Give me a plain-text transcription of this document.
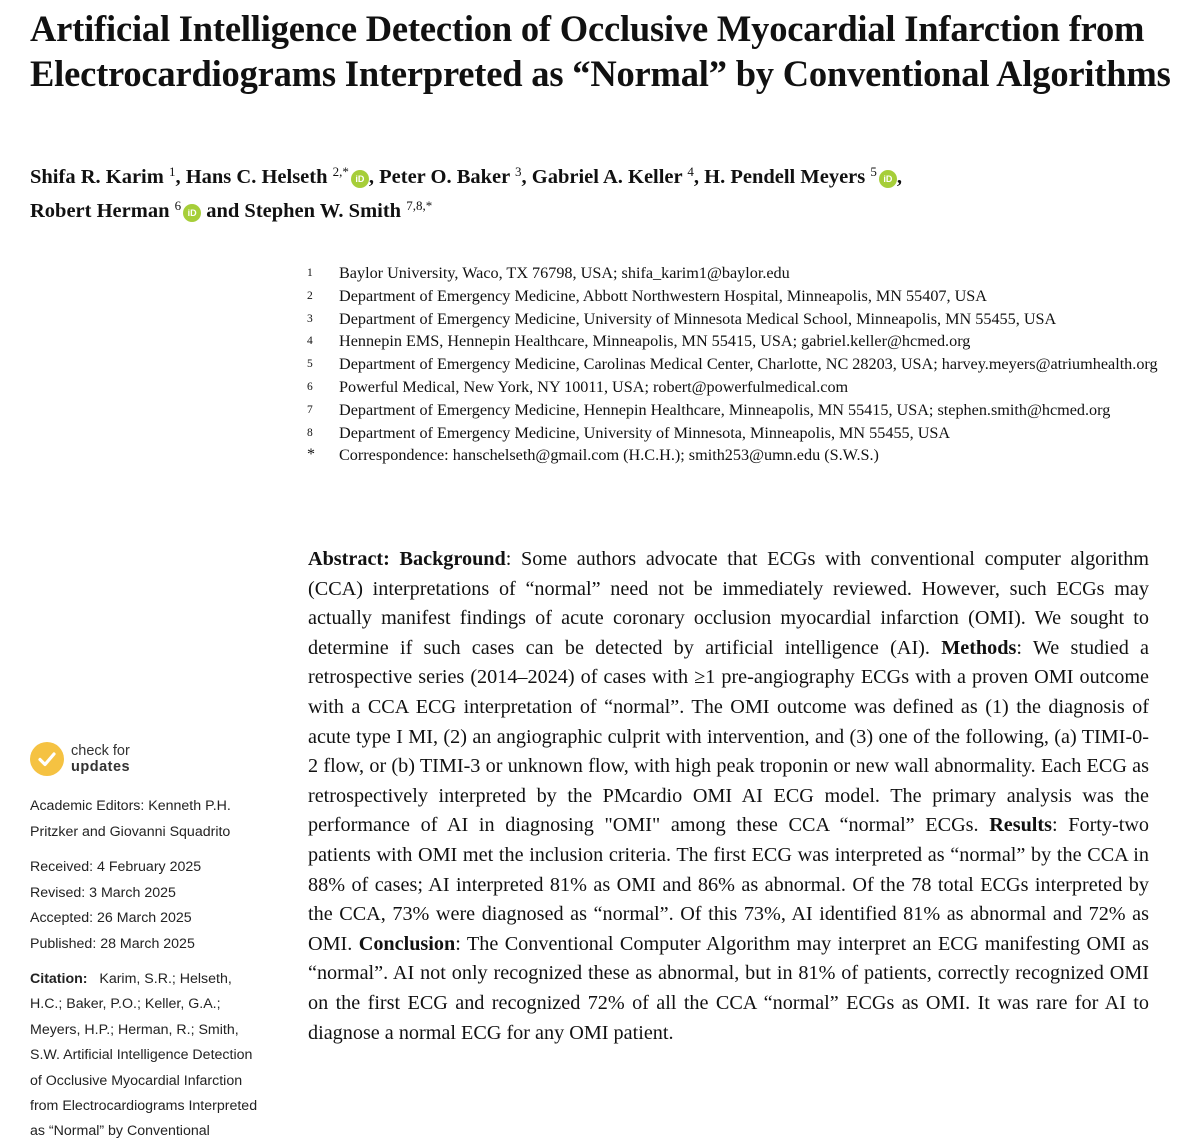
Artificial Intelligence Detection of Occlusive Myocardial Infarction from Electrocardiograms Interpreted as “Normal” by Conventional Algorithms
Shifa R. Karim $^1$, Hans C. Helseth $^{2,*}$ iD , Peter O. Baker $^3$, Gabriel A. Keller $^4$, H. Pendell Meyers $^5$ iD ,
Robert Herman $^6$ iD and Stephen W. Smith $^{7,8,*}$
1	Baylor University, Waco, TX 76798, USA; shifa_karim1@baylor.edu
2	Department of Emergency Medicine, Abbott Northwestern Hospital, Minneapolis, MN 55407, USA
3	Department of Emergency Medicine, University of Minnesota Medical School, Minneapolis, MN 55455, USA
4	Hennepin EMS, Hennepin Healthcare, Minneapolis, MN 55415, USA; gabriel.keller@hcmed.org
5	Department of Emergency Medicine, Carolinas Medical Center, Charlotte, NC 28203, USA; harvey.meyers@atriumhealth.org
6	Powerful Medical, New York, NY 10011, USA; robert@powerfulmedical.com
7	Department of Emergency Medicine, Hennepin Healthcare, Minneapolis, MN 55415, USA; stephen.smith@hcmed.org
8	Department of Emergency Medicine, University of Minnesota, Minneapolis, MN 55455, USA
*	Correspondence: hanschelseth@gmail.com (H.C.H.); smith253@umn.edu (S.W.S.)

Abstract: Background: Some authors advocate that ECGs with conventional computer algorithm (CCA) interpretations of “normal” need not be immediately reviewed. However, such ECGs may actually manifest findings of acute coronary occlusion myocardial infarction (OMI). We sought to determine if such cases can be detected by artificial intelligence (AI). Methods: We studied a retrospective series (2014–2024) of cases with ≥1 pre-angiography ECGs with a proven OMI outcome with a CCA ECG interpretation of “normal”. The OMI outcome was defined as (1) the diagnosis of acute type I MI, (2) an angiographic culprit with intervention, and (3) one of the following, (a) TIMI-0-2 flow, or (b) TIMI-3 or unknown flow, with high peak troponin or new wall abnormality. Each ECG as retrospectively interpreted by the PMcardio OMI AI ECG model. The primary analysis was the performance of AI in diagnosing "OMI" among these CCA “normal” ECGs. Results: Forty-two patients with OMI met the inclusion criteria. The first ECG was interpreted as “normal” by the CCA in 88% of cases; AI interpreted 81% as OMI and 86% as abnormal. Of the 78 total ECGs interpreted by the CCA, 73% were diagnosed as “normal”. Of this 73%, AI identified 81% as abnormal and 72% as OMI. Conclusion: The Conventional Computer Algorithm may interpret an ECG manifesting OMI as “normal”. AI not only recognized these as abnormal, but in 81% of patients, correctly recognized OMI on the first ECG and recognized 72% of all the CCA “normal” ECGs as OMI. It was rare for AI to diagnose a normal ECG for any OMI patient.

check for
updates

Academic Editors: Kenneth P.H. Pritzker and Giovanni Squadrito

Received: 4 February 2025

Revised: 3 March 2025

Accepted: 26 March 2025

Published: 28 March 2025

Citation: Karim, S.R.; Helseth, H.C.; Baker, P.O.; Keller, G.A.; Meyers, H.P.; Herman, R.; Smith, S.W. Artificial Intelligence Detection of Occlusive Myocardial Infarction from Electrocardiograms Interpreted as “Normal” by Conventional
